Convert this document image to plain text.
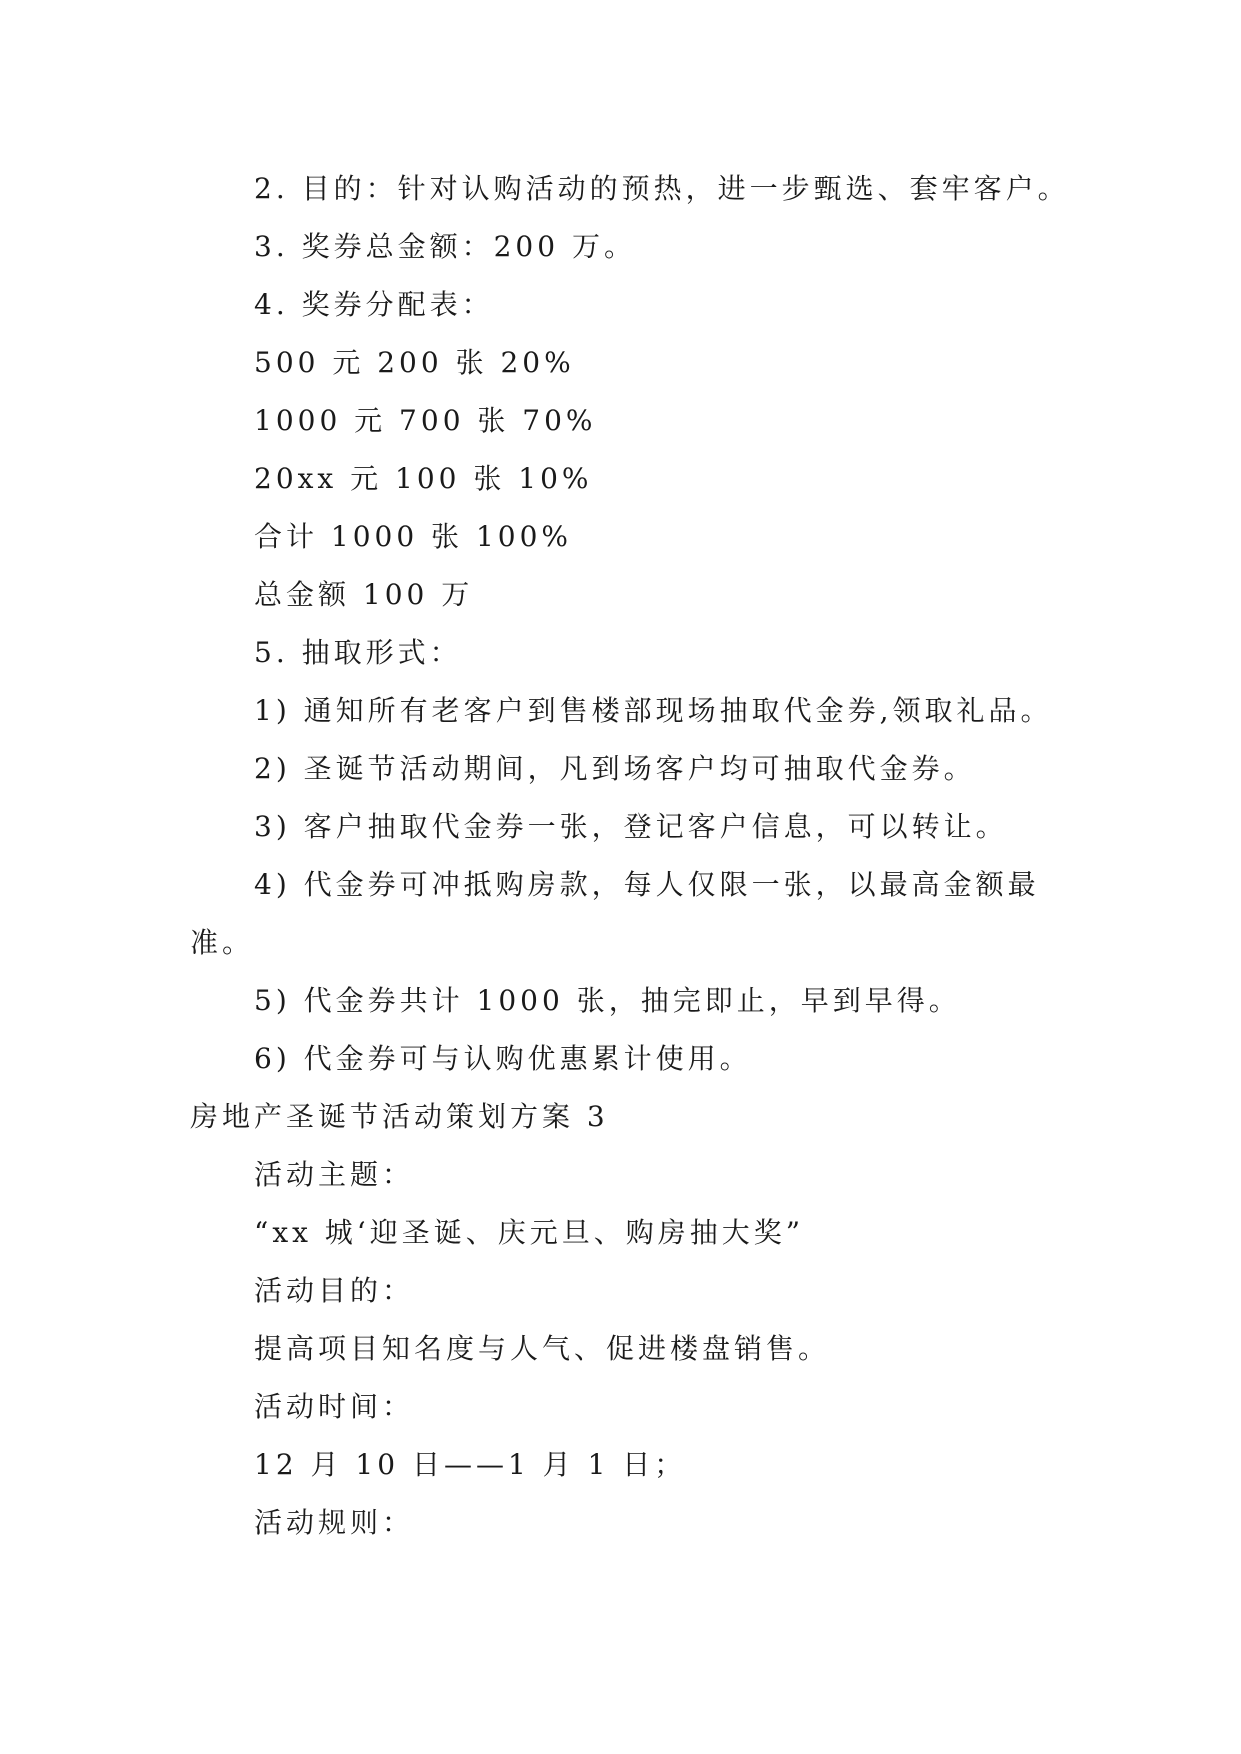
2. 目的：针对认购活动的预热，进一步甄选、套牢客户。
3. 奖券总金额：200 万。
4. 奖券分配表：
500 元 200 张 20%
1000 元 700 张 70%
20xx 元 100 张 10%
合计 1000 张 100%
总金额 100 万
5. 抽取形式：
1) 通知所有老客户到售楼部现场抽取代金券,领取礼品。
2) 圣诞节活动期间，凡到场客户均可抽取代金券。
3) 客户抽取代金券一张，登记客户信息，可以转让。
4) 代金券可冲抵购房款，每人仅限一张，以最高金额最
准。
5) 代金券共计 1000 张，抽完即止，早到早得。
6) 代金券可与认购优惠累计使用。
房地产圣诞节活动策划方案 3
活动主题：
“xx 城‘迎圣诞、庆元旦、购房抽大奖”
活动目的：
提高项目知名度与人气、促进楼盘销售。
活动时间：
12 月 10 日——1 月 1 日；
活动规则：
